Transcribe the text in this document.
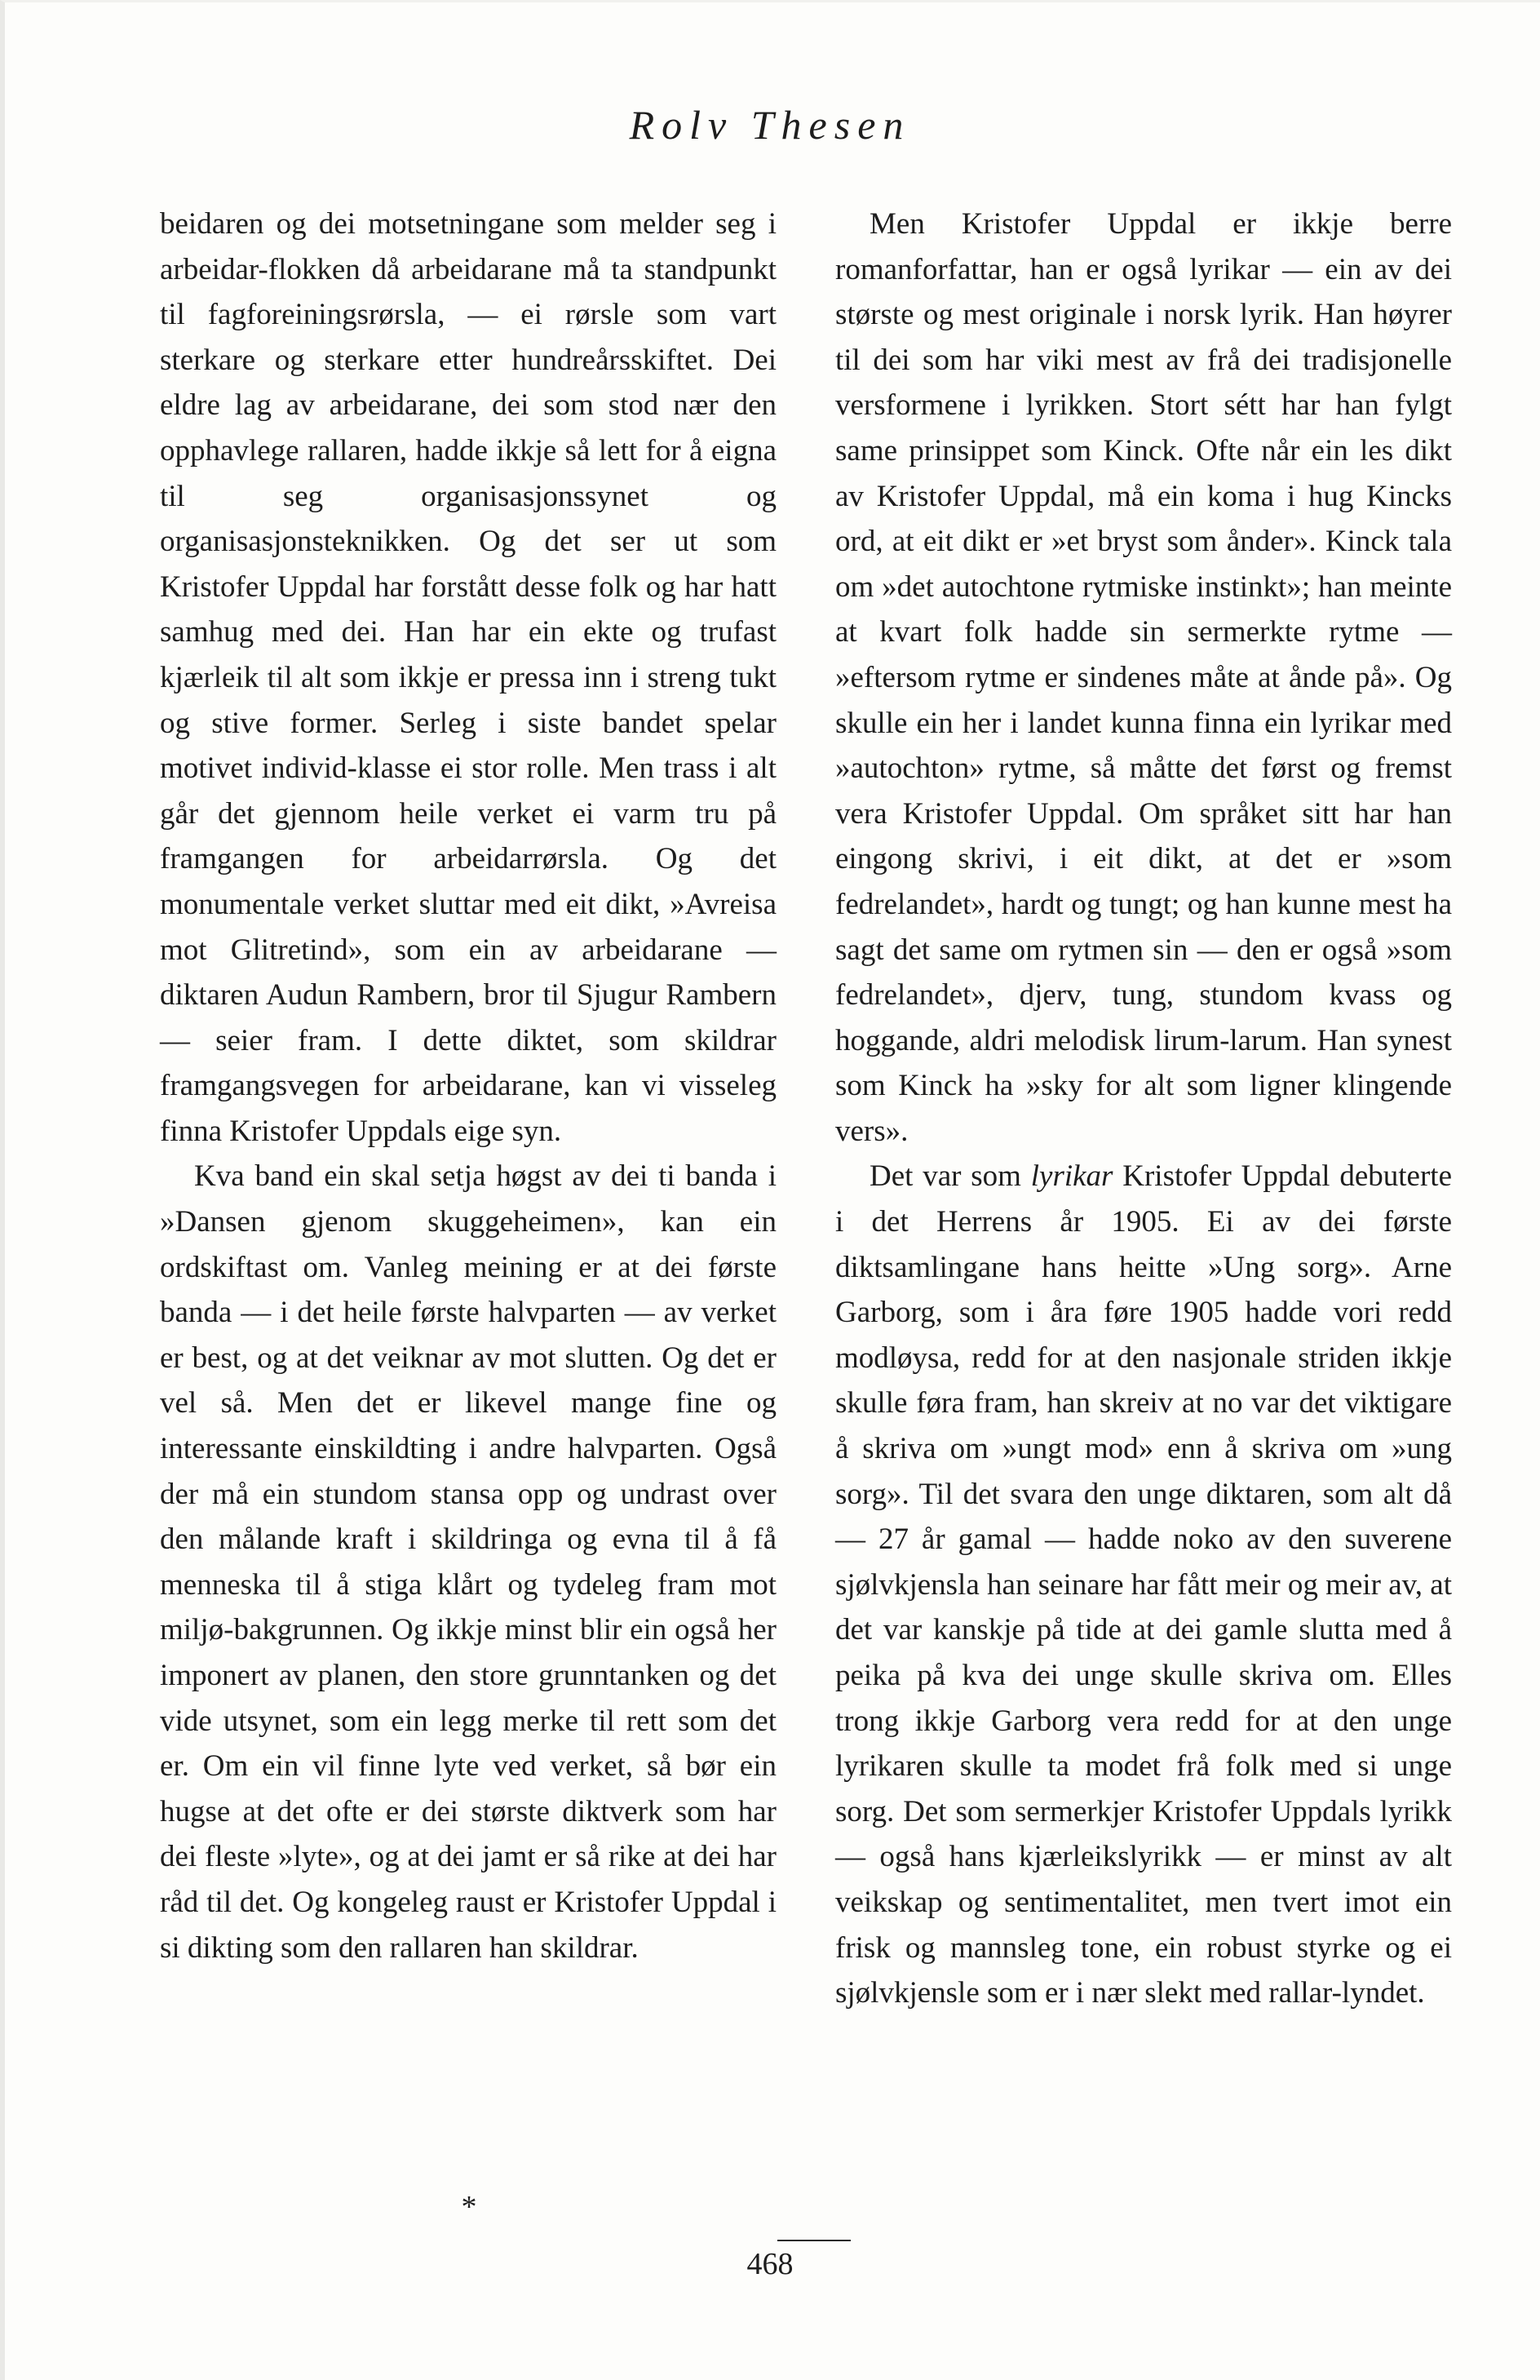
Rolv Thesen

beidaren og dei motsetningane som melder seg i arbeidar-flokken då arbeidarane må ta standpunkt til fagforeiningsrørsla, — ei rørsle som vart sterkare og sterkare etter hundreårsskiftet. Dei eldre lag av arbeidarane, dei som stod nær den opphavlege rallaren, hadde ikkje så lett for å eigna til seg organisasjonssynet og organisasjonsteknikken. Og det ser ut som Kristofer Uppdal har forstått desse folk og har hatt samhug med dei. Han har ein ekte og trufast kjærleik til alt som ikkje er pressa inn i streng tukt og stive former. Serleg i siste bandet spelar motivet individ-klasse ei stor rolle. Men trass i alt går det gjennom heile verket ei varm tru på framgangen for arbeidarrørsla. Og det monumentale verket sluttar med eit dikt, »Avreisa mot Glitretind», som ein av arbeidarane — diktaren Audun Rambern, bror til Sjugur Rambern — seier fram. I dette diktet, som skildrar framgangsvegen for arbeidarane, kan vi visseleg finna Kristofer Uppdals eige syn.

Kva band ein skal setja høgst av dei ti banda i »Dansen gjenom skuggeheimen», kan ein ordskiftast om. Vanleg meining er at dei første banda — i det heile første halvparten — av verket er best, og at det veiknar av mot slutten. Og det er vel så. Men det er likevel mange fine og interessante einskildting i andre halvparten. Også der må ein stundom stansa opp og undrast over den målande kraft i skildringa og evna til å få menneska til å stiga klårt og tydeleg fram mot miljø-bakgrunnen. Og ikkje minst blir ein også her imponert av planen, den store grunntanken og det vide utsynet, som ein legg merke til rett som det er. Om ein vil finne lyte ved verket, så bør ein hugse at det ofte er dei største diktverk som har dei fleste »lyte», og at dei jamt er så rike at dei har råd til det. Og kongeleg raust er Kristofer Uppdal i si dikting som den rallaren han skildrar.

*

Men Kristofer Uppdal er ikkje berre romanforfattar, han er også lyrikar — ein av dei største og mest originale i norsk lyrik. Han høyrer til dei som har viki mest av frå dei tradisjonelle versformene i lyrikken. Stort sétt har han fylgt same prinsippet som Kinck. Ofte når ein les dikt av Kristofer Uppdal, må ein koma i hug Kincks ord, at eit dikt er »et bryst som ånder». Kinck tala om »det autochtone rytmiske instinkt»; han meinte at kvart folk hadde sin sermerkte rytme — »eftersom rytme er sindenes måte at ånde på». Og skulle ein her i landet kunna finna ein lyrikar med »autochton» rytme, så måtte det først og fremst vera Kristofer Uppdal. Om språket sitt har han eingong skrivi, i eit dikt, at det er »som fedrelandet», hardt og tungt; og han kunne mest ha sagt det same om rytmen sin — den er også »som fedrelandet», djerv, tung, stundom kvass og hoggande, aldri melodisk lirum-larum. Han synest som Kinck ha »sky for alt som ligner klingende vers».

Det var som lyrikar Kristofer Uppdal debuterte i det Herrens år 1905. Ei av dei første diktsamlingane hans heitte »Ung sorg». Arne Garborg, som i åra føre 1905 hadde vori redd modløysa, redd for at den nasjonale striden ikkje skulle føra fram, han skreiv at no var det viktigare å skriva om »ungt mod» enn å skriva om »ung sorg». Til det svara den unge diktaren, som alt då — 27 år gamal — hadde noko av den suverene sjølvkjensla han seinare har fått meir og meir av, at det var kanskje på tide at dei gamle slutta med å peika på kva dei unge skulle skriva om. Elles trong ikkje Garborg vera redd for at den unge lyrikaren skulle ta modet frå folk med si unge sorg. Det som sermerkjer Kristofer Uppdals lyrikk — også hans kjærleikslyrikk — er minst av alt veikskap og sentimentalitet, men tvert imot ein frisk og mannsleg tone, ein robust styrke og ei sjølvkjensle som er i nær slekt med rallar-lyndet.

468
